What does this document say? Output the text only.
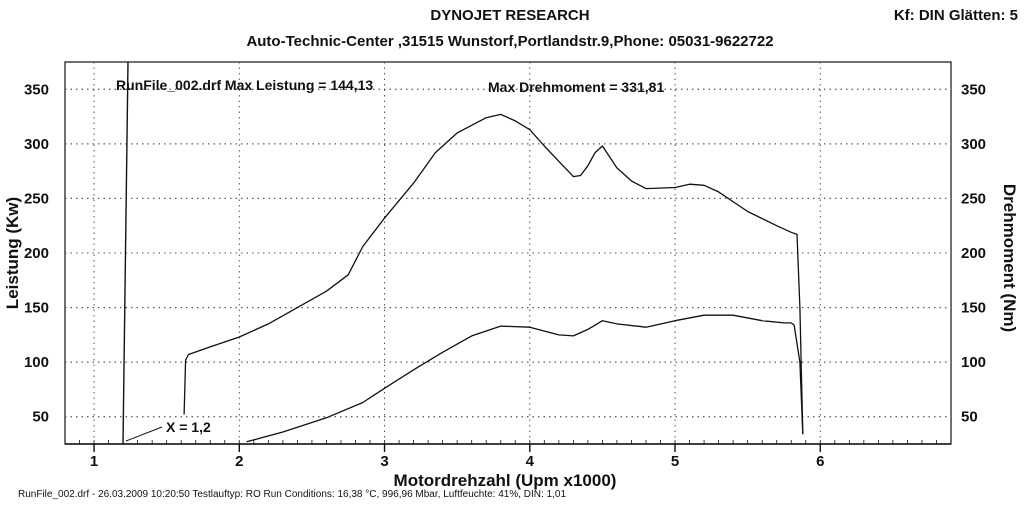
DYNOJET RESEARCH
Auto-Technic-Center ,31515 Wunstorf,Portlandstr.9,Phone: 05031-9622722
Kf: DIN Glätten: 5
RunFile_002.drf Max Leistung = 144,13	Max Drehmoment = 331,81
X = 1,2
1	2	3	4	5	6
50
100
150
200
250
300
350
50
100
150
200
250
300
350
Motordrehzahl (Upm x1000)
Leistung (Kw)	Drehmoment (Nm)
RunFile_002.drf - 26.03.2009 10:20:50 Testlauftyp: RO Run Conditions: 16,38 °C, 996,96 Mbar, Luftfeuchte: 41%, DIN: 1,01
